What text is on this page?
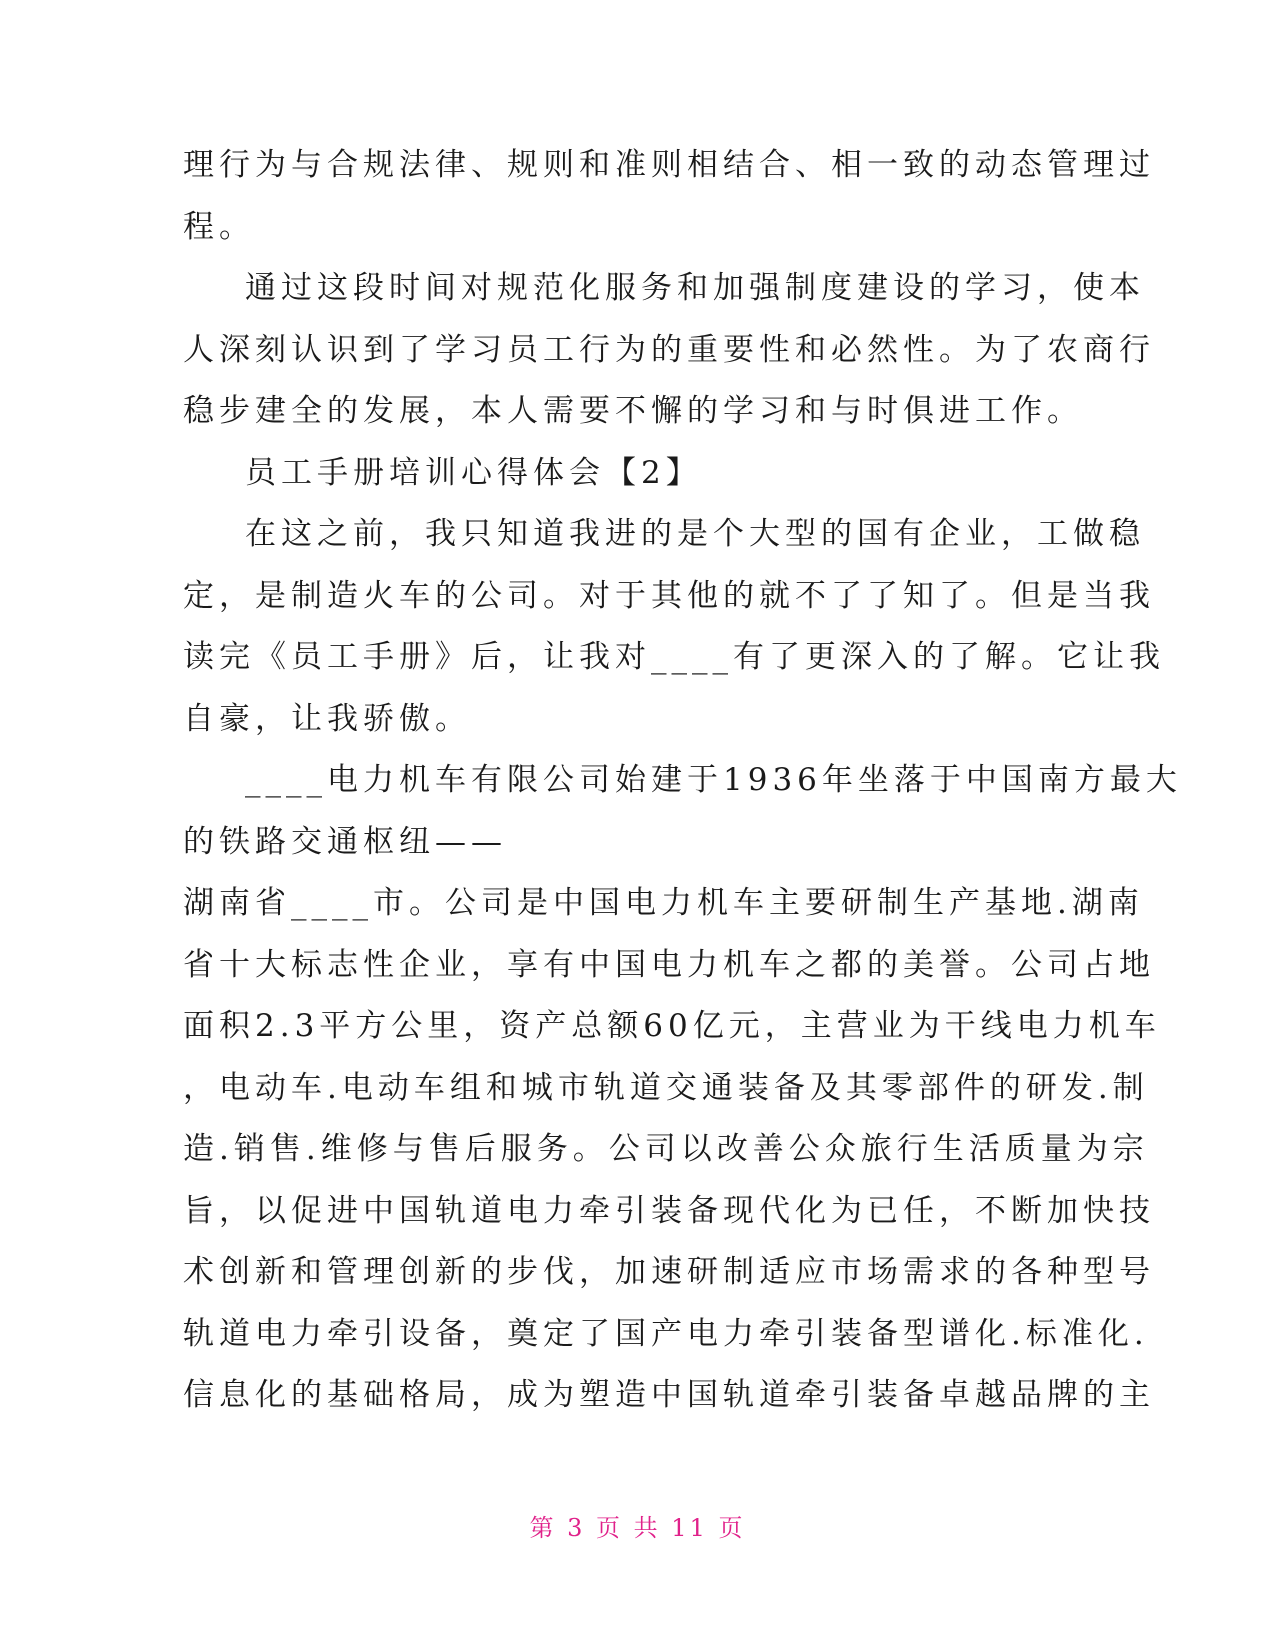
理行为与合规法律、规则和准则相结合、相一致的动态管理过
程。
通过这段时间对规范化服务和加强制度建设的学习，使本
人深刻认识到了学习员工行为的重要性和必然性。为了农商行
稳步建全的发展，本人需要不懈的学习和与时俱进工作。
员工手册培训心得体会【2】
在这之前，我只知道我进的是个大型的国有企业，工做稳
定，是制造火车的公司。对于其他的就不了了知了。但是当我
读完《员工手册》后，让我对____有了更深入的了解。它让我
自豪，让我骄傲。
____电力机车有限公司始建于1936年坐落于中国南方最大
的铁路交通枢纽——
湖南省____市。公司是中国电力机车主要研制生产基地.湖南
省十大标志性企业，享有中国电力机车之都的美誉。公司占地
面积2.3平方公里，资产总额60亿元，主营业为干线电力机车
，电动车.电动车组和城市轨道交通装备及其零部件的研发.制
造.销售.维修与售后服务。公司以改善公众旅行生活质量为宗
旨，以促进中国轨道电力牵引装备现代化为已任，不断加快技
术创新和管理创新的步伐，加速研制适应市场需求的各种型号
轨道电力牵引设备，奠定了国产电力牵引装备型谱化.标准化.
信息化的基础格局，成为塑造中国轨道牵引装备卓越品牌的主
第 3 页 共 11 页
